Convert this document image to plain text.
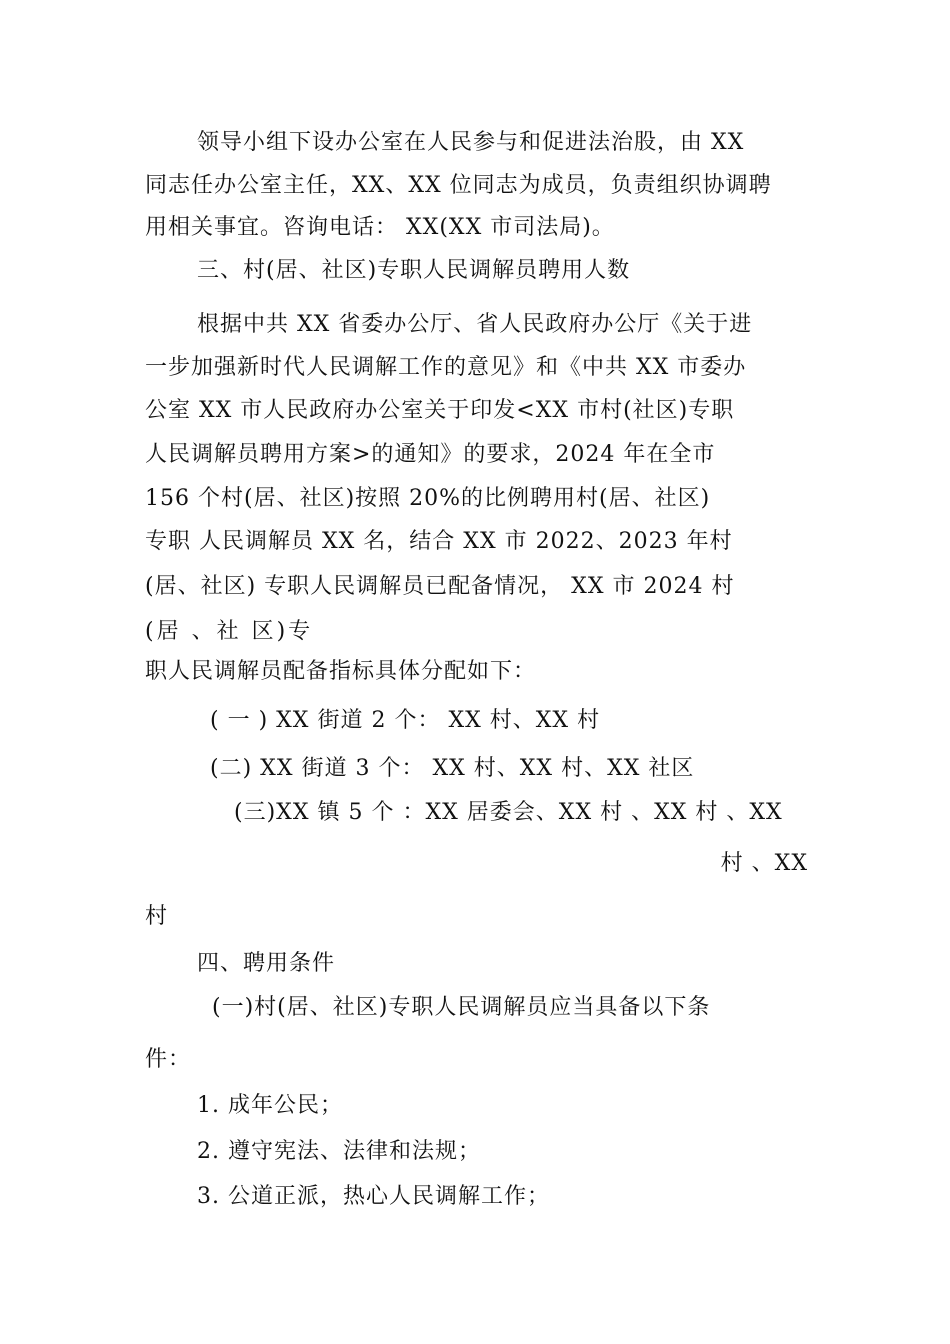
领导小组下设办公室在人民参与和促进法治股，由 XX
同志任办公室主任，XX、XX 位同志为成员，负责组织协调聘
用相关事宜。咨询电话： XX(XX 市司法局)。
三、村(居、社区)专职人民调解员聘用人数
根据中共 XX 省委办公厅、省人民政府办公厅《关于进
一步加强新时代人民调解工作的意见》和《中共 XX 市委办
公室 XX 市人民政府办公室关于印发<XX 市村(社区)专职
人民调解员聘用方案>的通知》的要求，2024 年在全市
156 个村(居、社区)按照 20%的比例聘用村(居、社区)
专职 人民调解员 XX 名，结合 XX 市 2022、2023 年村
(居、社区) 专职人民调解员已配备情况， XX 市 2024 村
(居 、社 区)专
职人民调解员配备指标具体分配如下：
( 一 ) XX 街道 2 个： XX 村、XX 村
(二) XX 街道 3 个： XX 村、XX 村、XX 社区
(三)XX 镇 5 个 ：XX 居委会、XX 村 、XX 村 、XX
村 、XX
村
四、聘用条件
(一)村(居、社区)专职人民调解员应当具备以下条
件：
1. 成年公民；
2. 遵守宪法、法律和法规；
3. 公道正派，热心人民调解工作；
